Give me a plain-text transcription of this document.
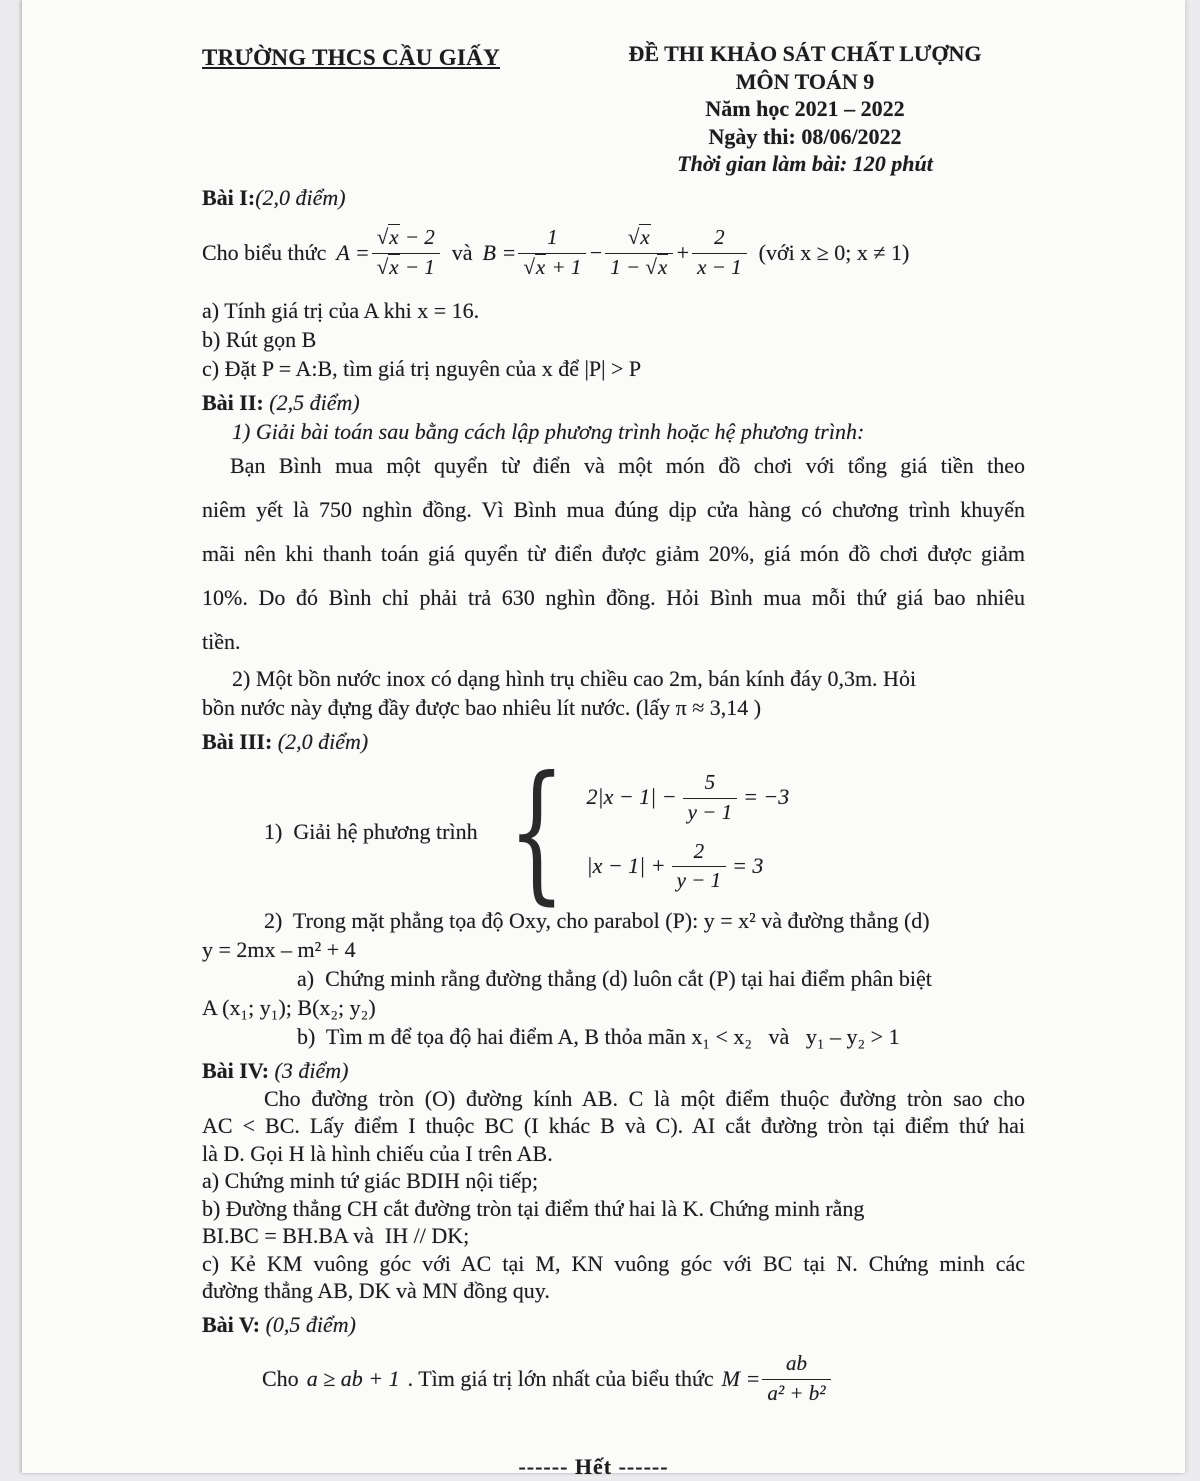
TRƯỜNG THCS CẦU GIẤY	ĐỀ THI KHẢO SÁT CHẤT LƯỢNG
MÔN TOÁN 9
Năm học 2021 – 2022
Ngày thi: 08/06/2022
Thời gian làm bài: 120 phút
Bài I:(2,0 điểm)
Cho biểu thức $A = \frac{√x - 2}{√x - 1}$ và $B = \frac{1}{√x + 1} - \frac{√x}{1 - √x} + \frac{2}{x - 1}$ (với x ≥ 0; x ≠ 1)
a) Tính giá trị của A khi x = 16.
b) Rút gọn B
c) Đặt P = A:B, tìm giá trị nguyên của x để |P| > P
Bài II: (2,5 điểm)
1) Giải bài toán sau bằng cách lập phương trình hoặc hệ phương trình:
Bạn Bình mua một quyển từ điển và một món đồ chơi với tổng giá tiền theo
niêm yết là 750 nghìn đồng. Vì Bình mua đúng dịp cửa hàng có chương trình khuyến
mãi nên khi thanh toán giá quyển từ điển được giảm 20%, giá món đồ chơi được giảm
10%. Do đó Bình chỉ phải trả 630 nghìn đồng. Hỏi Bình mua mỗi thứ giá bao nhiêu
tiền.
2) Một bồn nước inox có dạng hình trụ chiều cao 2m, bán kính đáy 0,3m. Hỏi
bồn nước này đựng đầy được bao nhiêu lít nước. (lấy π ≈ 3,14 )
Bài III: (2,0 điểm)
1)  Giải hệ phương trình { $2|x - 1| - \frac{5}{y - 1} = -3$
$|x - 1| + \frac{2}{y - 1} = 3$
2)  Trong mặt phẳng tọa độ Oxy, cho parabol (P): y = x² và đường thẳng (d)
y = 2mx – m² + 4
a)  Chứng minh rằng đường thẳng (d) luôn cắt (P) tại hai điểm phân biệt
A (x₁; y₁); B(x₂; y₂)
b)  Tìm m để tọa độ hai điểm A, B thỏa mãn x₁ < x₂   và   y₁ – y₂ > 1
Bài IV: (3 điểm)
Cho đường tròn (O) đường kính AB. C là một điểm thuộc đường tròn sao cho
AC < BC. Lấy điểm I thuộc BC (I khác B và C). AI cắt đường tròn tại điểm thứ hai
là D. Gọi H là hình chiếu của I trên AB.
a) Chứng minh tứ giác BDIH nội tiếp;
b) Đường thẳng CH cắt đường tròn tại điểm thứ hai là K. Chứng minh rằng
BI.BC = BH.BA và  IH // DK;
c) Kẻ KM vuông góc với AC tại M, KN vuông góc với BC tại N. Chứng minh các
đường thẳng AB, DK và MN đồng quy.
Bài V: (0,5 điểm)
Cho a ≥ ab + 1 . Tìm giá trị lớn nhất của biểu thức $M = \frac{ab}{\text{a² + b²}}$
------ Hết ------
